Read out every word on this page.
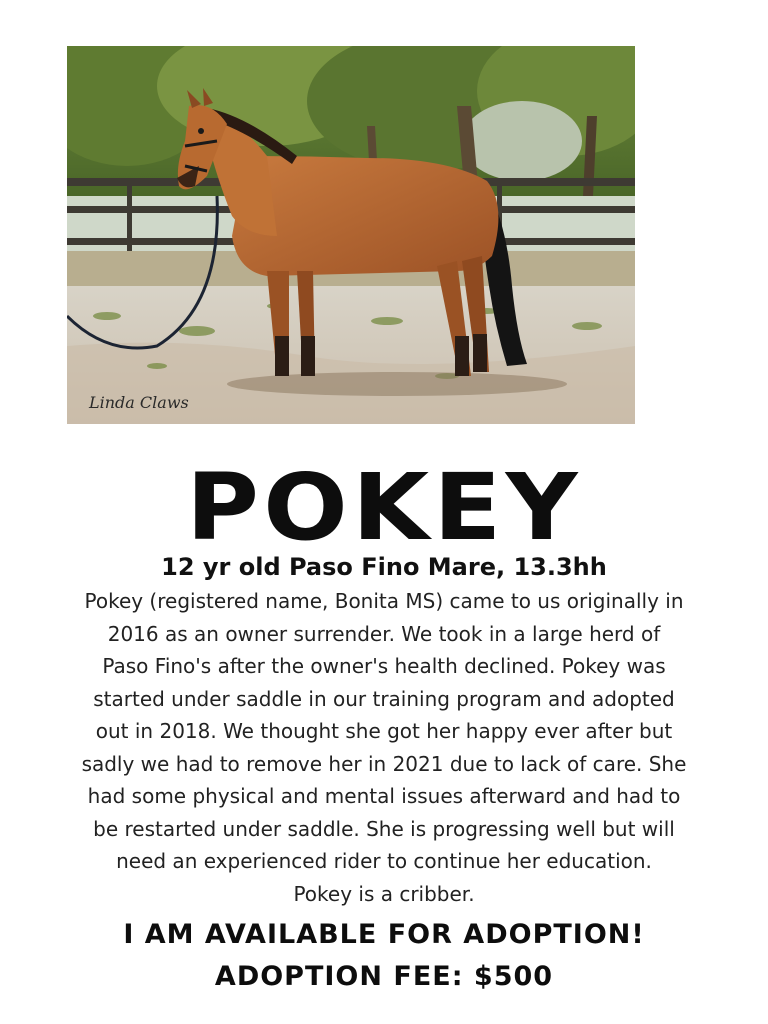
Linda Claws
POKEY
12 yr old Paso Fino Mare, 13.3hh
Pokey (registered name, Bonita MS) came to us originally in
2016 as an owner surrender. We took in a large herd of
Paso Fino's after the owner's health declined. Pokey was
started under saddle in our training program and adopted
out in 2018. We thought she got her happy ever after but
sadly we had to remove her in 2021 due to lack of care. She
had some physical and mental issues afterward and had to
be restarted under saddle. She is progressing well but will
need an experienced rider to continue her education.
Pokey is a cribber.
I AM AVAILABLE FOR ADOPTION!
ADOPTION FEE: $500
